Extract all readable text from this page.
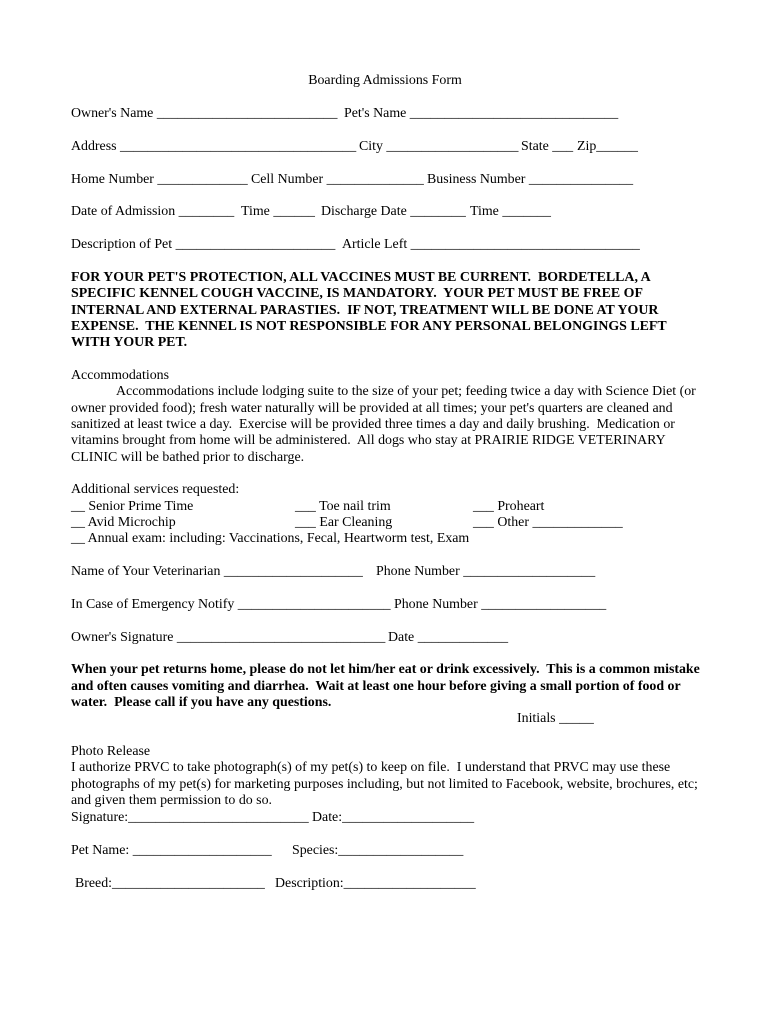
Boarding Admissions Form
Owner's Name __________________________ Pet's Name ______________________________
Address __________________________________ City ___________________ State ___ Zip______
Home Number _____________ Cell Number ______________ Business Number _______________
Date of Admission ________ Time ______ Discharge Date ________ Time _______
Description of Pet _______________________ Article Left _________________________________
FOR YOUR PET'S PROTECTION, ALL VACCINES MUST BE CURRENT.  BORDETELLA, A
SPECIFIC KENNEL COUGH VACCINE, IS MANDATORY.  YOUR PET MUST BE FREE OF
INTERNAL AND EXTERNAL PARASTIES.  IF NOT, TREATMENT WILL BE DONE AT YOUR
EXPENSE.  THE KENNEL IS NOT RESPONSIBLE FOR ANY PERSONAL BELONGINGS LEFT
WITH YOUR PET.
Accommodations
Accommodations include lodging suite to the size of your pet; feeding twice a day with Science Diet (or
owner provided food); fresh water naturally will be provided at all times; your pet's quarters are cleaned and
sanitized at least twice a day.  Exercise will be provided three times a day and daily brushing.  Medication or
vitamins brought from home will be administered.  All dogs who stay at PRAIRIE RIDGE VETERINARY
CLINIC will be bathed prior to discharge.
Additional services requested:
__ Senior Prime Time	___ Toe nail trim	___ Proheart
__ Avid Microchip	___ Ear Cleaning	___ Other _____________
__ Annual exam: including: Vaccinations, Fecal, Heartworm test, Exam
Name of Your Veterinarian ____________________ Phone Number ___________________
In Case of Emergency Notify ______________________ Phone Number __________________
Owner's Signature ______________________________ Date _____________
When your pet returns home, please do not let him/her eat or drink excessively.  This is a common mistake
and often causes vomiting and diarrhea.  Wait at least one hour before giving a small portion of food or
water.  Please call if you have any questions.
Initials _____
Photo Release
I authorize PRVC to take photograph(s) of my pet(s) to keep on file.  I understand that PRVC may use these
photographs of my pet(s) for marketing purposes including, but not limited to Facebook, website, brochures, etc;
and given them permission to do so.
Signature:__________________________ Date:___________________
Pet Name: ____________________ Species:__________________
Breed:______________________ Description:___________________
